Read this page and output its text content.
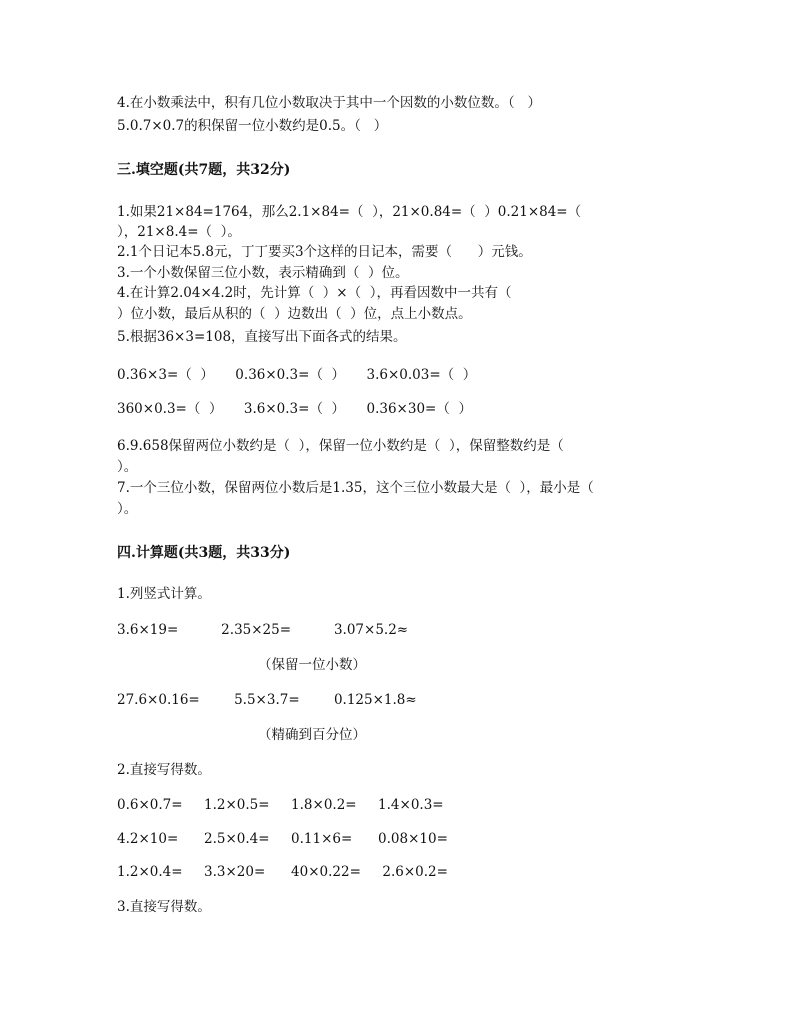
4.在小数乘法中，积有几位小数取决于其中一个因数的小数位数。（   ）
5.0.7×0.7的积保留一位小数约是0.5。（   ）
三.填空题(共7题，共32分)
1.如果21×84=1764，那么2.1×84=（  ），21×0.84=（  ）0.21×84=（
），21×8.4=（  ）。
2.1个日记本5.8元，丁丁要买3个这样的日记本，需要（      ）元钱。
3.一个小数保留三位小数，表示精确到（  ）位。
4.在计算2.04×4.2时，先计算（  ）×（  ），再看因数中一共有（
）位小数，最后从积的（  ）边数出（  ）位，点上小数点。
5.根据36×3=108，直接写出下面各式的结果。
0.36×3=（  ）     0.36×0.3=（  ）     3.6×0.03=（  ）
360×0.3=（  ）     3.6×0.3=（  ）     0.36×30=（  ）
6.9.658保留两位小数约是（  ），保留一位小数约是（  ），保留整数约是（
）。
7.一个三位小数，保留两位小数后是1.35，这个三位小数最大是（  ），最小是（
）。
四.计算题(共3题，共33分)
1.列竖式计算。
3.6×19=          2.35×25=          3.07×5.2≈
（保留一位小数）
27.6×0.16=        5.5×3.7=        0.125×1.8≈
（精确到百分位）
2.直接写得数。
0.6×0.7=     1.2×0.5=     1.8×0.2=     1.4×0.3=
4.2×10=      2.5×0.4=     0.11×6=      0.08×10=
1.2×0.4=     3.3×20=      40×0.22=     2.6×0.2=
3.直接写得数。
